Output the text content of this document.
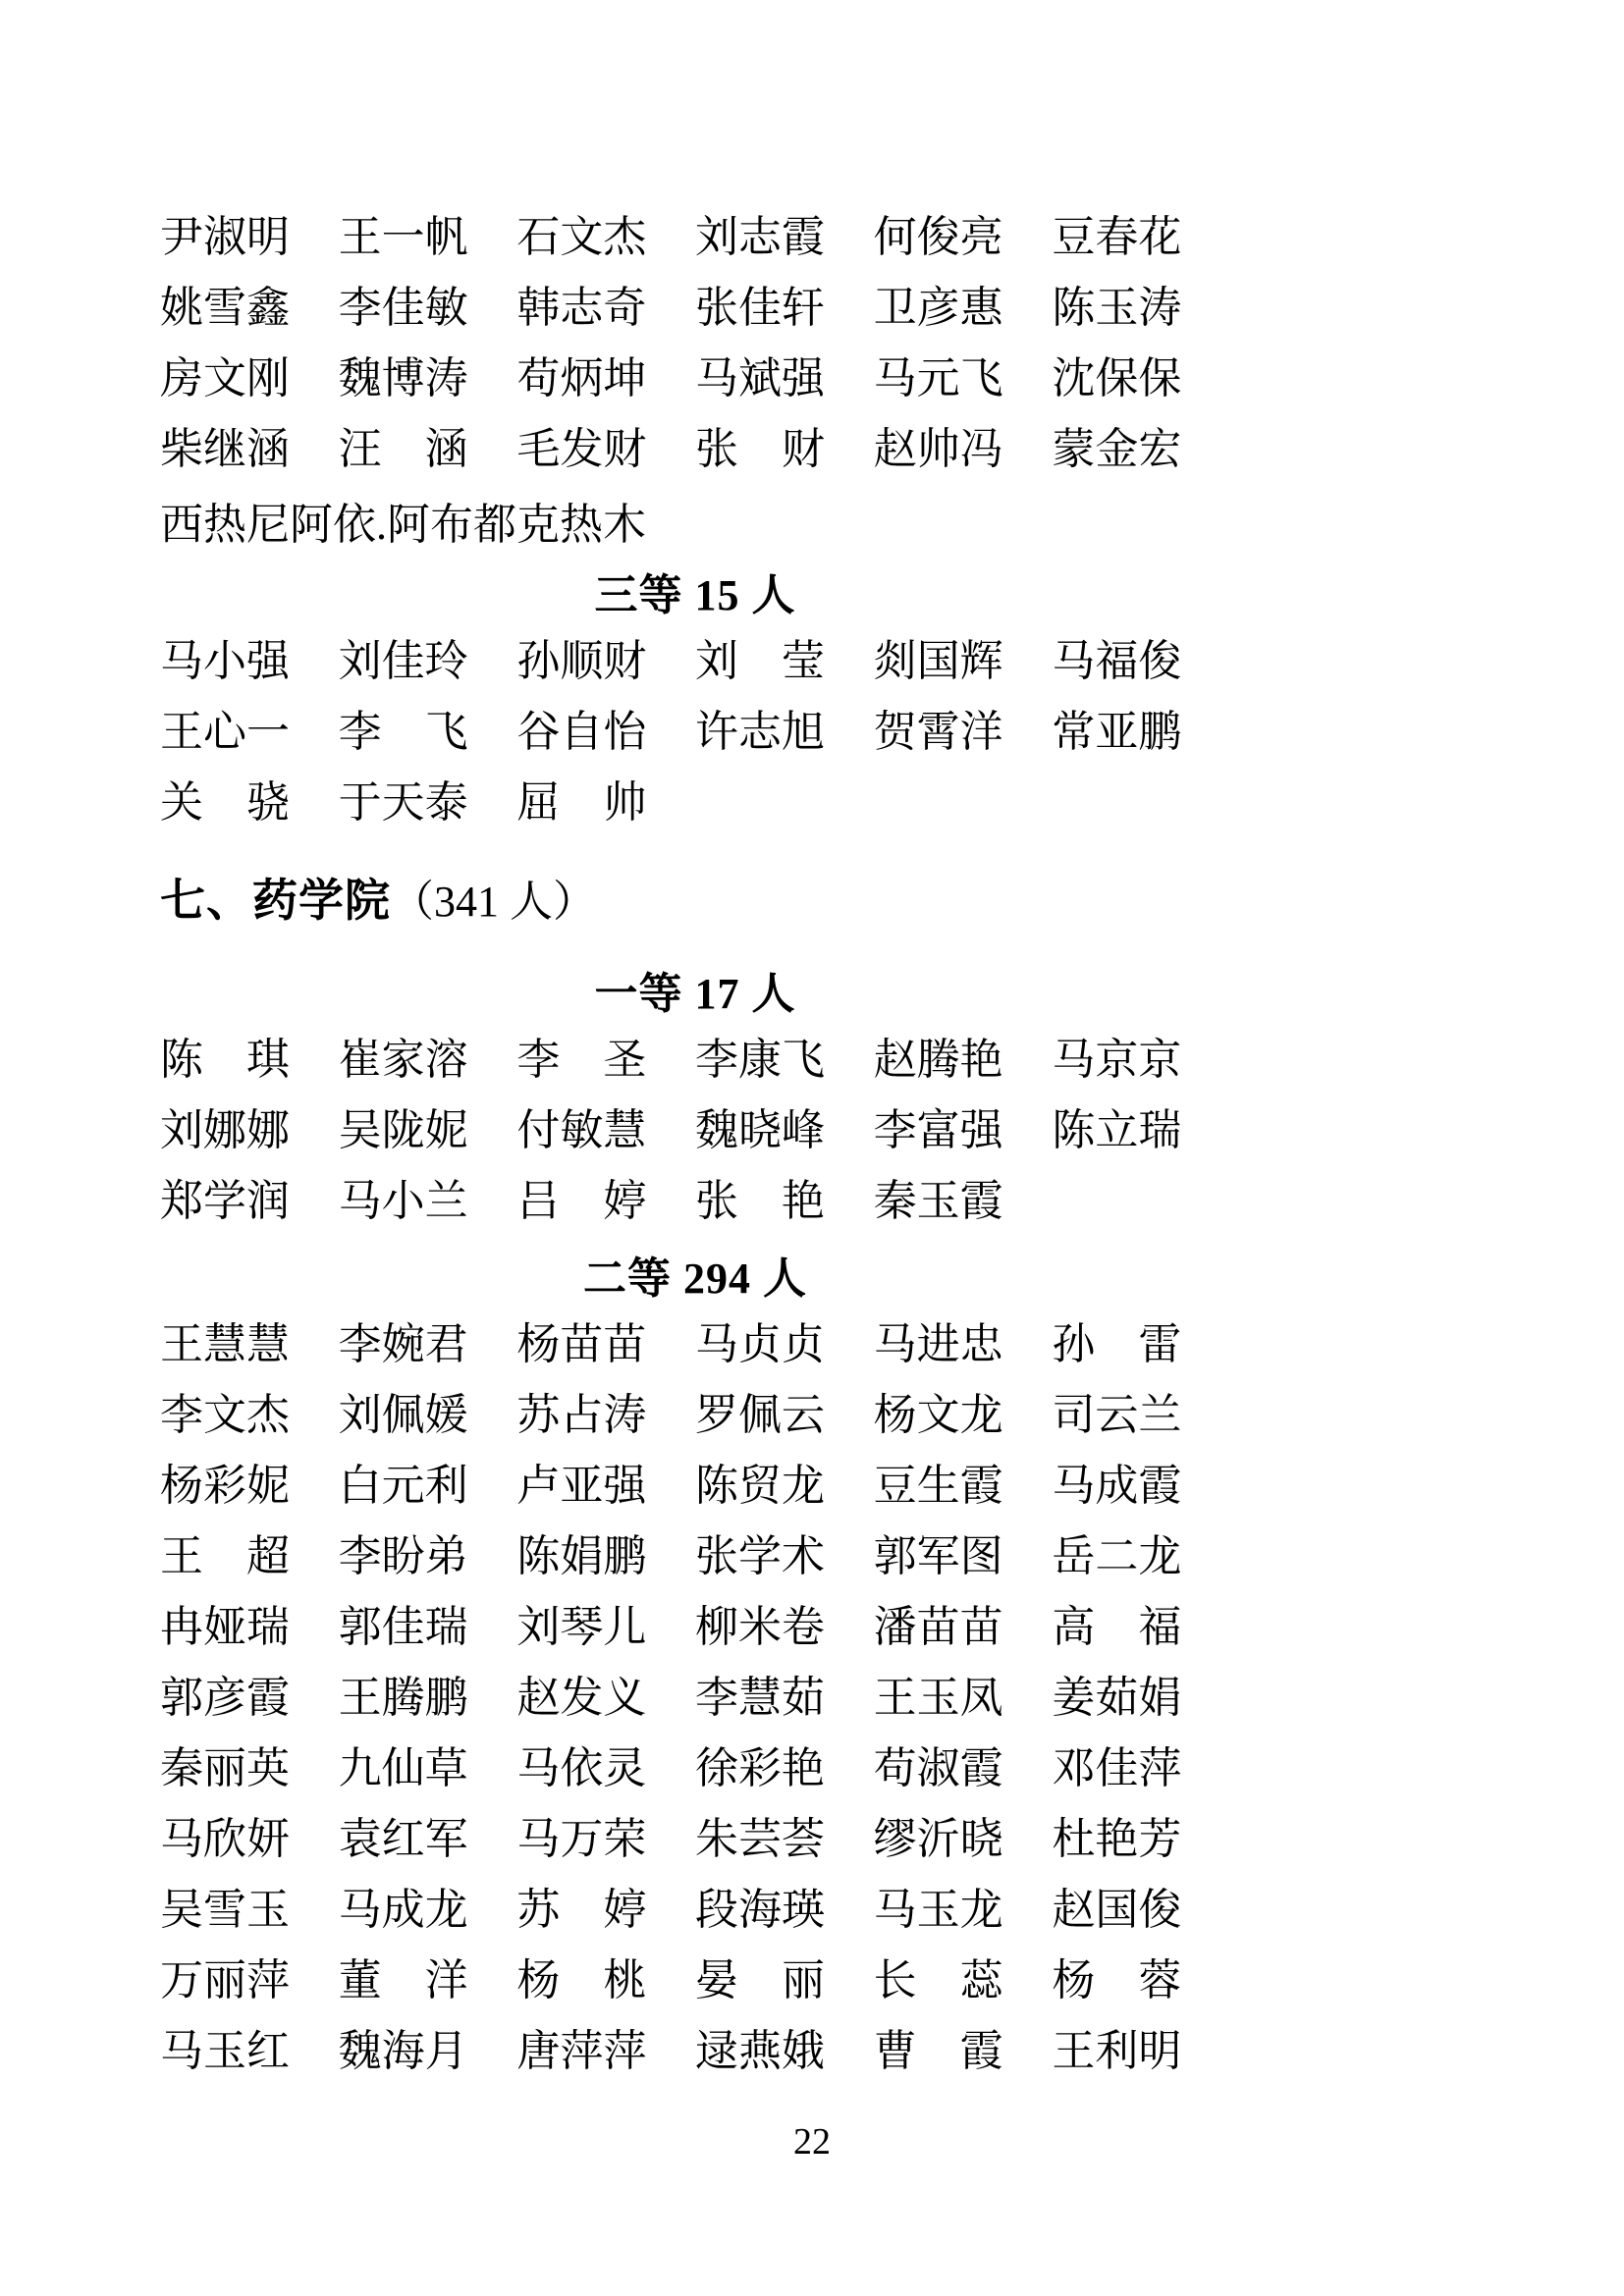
尹淑明	王一帆	石文杰	刘志霞	何俊亮	豆春花
姚雪鑫	李佳敏	韩志奇	张佳轩	卫彦惠	陈玉涛
房文刚	魏博涛	苟炳坤	马斌强	马元飞	沈保保
柴继涵	汪　涵	毛发财	张　财	赵帅冯	蒙金宏
西热尼阿依.阿布都克热木
三等 15 人
马小强	刘佳玲	孙顺财	刘　莹	剡国辉	马福俊
王心一	李　飞	谷自怡	许志旭	贺霄洋	常亚鹏
关　骁	于天泰	屈　帅
七、药学院 （341 人）
一等 17 人
陈　琪	崔家溶	李　圣	李康飞	赵腾艳	马京京
刘娜娜	吴陇妮	付敏慧	魏晓峰	李富强	陈立瑞
郑学润	马小兰	吕　婷	张　艳	秦玉霞
二等 294 人
王慧慧	李婉君	杨苗苗	马贞贞	马进忠	孙　雷
李文杰	刘佩媛	苏占涛	罗佩云	杨文龙	司云兰
杨彩妮	白元利	卢亚强	陈贸龙	豆生霞	马成霞
王　超	李盼弟	陈娟鹏	张学术	郭军图	岳二龙
冉娅瑞	郭佳瑞	刘琴儿	柳米卷	潘苗苗	高　福
郭彦霞	王腾鹏	赵发义	李慧茹	王玉凤	姜茹娟
秦丽英	九仙草	马依灵	徐彩艳	苟淑霞	邓佳萍
马欣妍	袁红军	马万荣	朱芸荟	缪沂晓	杜艳芳
吴雪玉	马成龙	苏　婷	段海瑛	马玉龙	赵国俊
万丽萍	董　洋	杨　桃	晏　丽	长　蕊	杨　蓉
马玉红	魏海月	唐萍萍	逯燕娥	曹　霞	王利明
22
